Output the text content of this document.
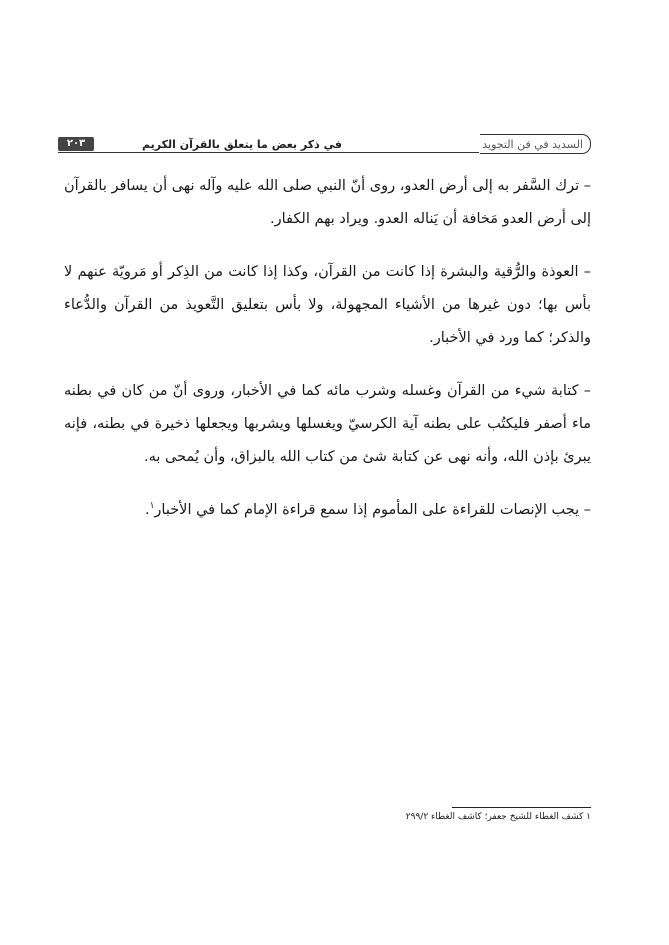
السديد في فن التجويد
في ذكر بعض ما يتعلق بالقرآن الكريم
٢٠٣

– ترك السَّفر به إلى أرض العدو، روى أنّ النبي صلى الله عليه وآله نهى أن يسافر بالقرآن إلى أرض العدو مَخافة أن يَناله العدو. ويراد بهم الكفار.

– العوذة والرُّقية والبشرة إذا كانت من القرآن، وكذا إذا كانت من الذِكر أو مَرويّة عنهم لا بأس بها؛ دون غيرها من الأشياء المجهولة، ولا بأس بتعليق التَّعويذ من القرآن والدُّعاء والذكر؛ كما ورد في الأخبار.

– كتابة شيء من القرآن وغسله وشرب مائه كما في الأخبار، وروى أنّ من كان في بطنه ماء أصفر فليكتُب على بطنه آية الكرسيّ ويغسلها ويشربها ويجعلها ذخيرة في بطنه، فإنه يبرئ بإذن الله، وأنه نهى عن كتابة شئ من كتاب الله بالبزاق، وأن يُمحى به.

– يجب الإنصات للقراءة على المأموم إذا سمع قراءة الإمام كما في الأخبار$^١$.

١ كشف الغطاء للشيخ جعفر؛ كاشف الغطاء ٢٩٩/٢
